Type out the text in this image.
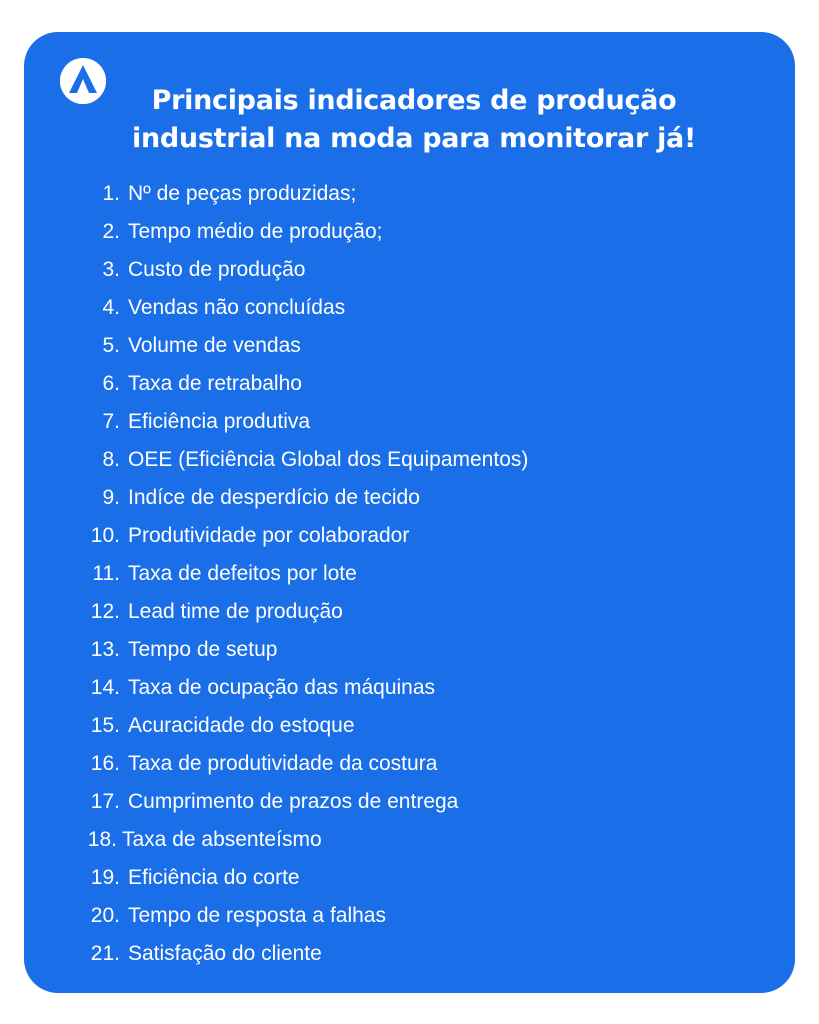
Principais indicadores de produção
industrial na moda para monitorar já!
1. Nº de peças produzidas;
2. Tempo médio de produção;
3. Custo de produção
4. Vendas não concluídas
5. Volume de vendas
6. Taxa de retrabalho
7. Eficiência produtiva
8. OEE (Eficiência Global dos Equipamentos)
9. Indíce de desperdício de tecido
10. Produtividade por colaborador
11. Taxa de defeitos por lote
12. Lead time de produção
13. Tempo de setup
14. Taxa de ocupação das máquinas
15. Acuracidade do estoque
16. Taxa de produtividade da costura
17. Cumprimento de prazos de entrega
18. Taxa de absenteísmo
19. Eficiência do corte
20. Tempo de resposta a falhas
21. Satisfação do cliente
